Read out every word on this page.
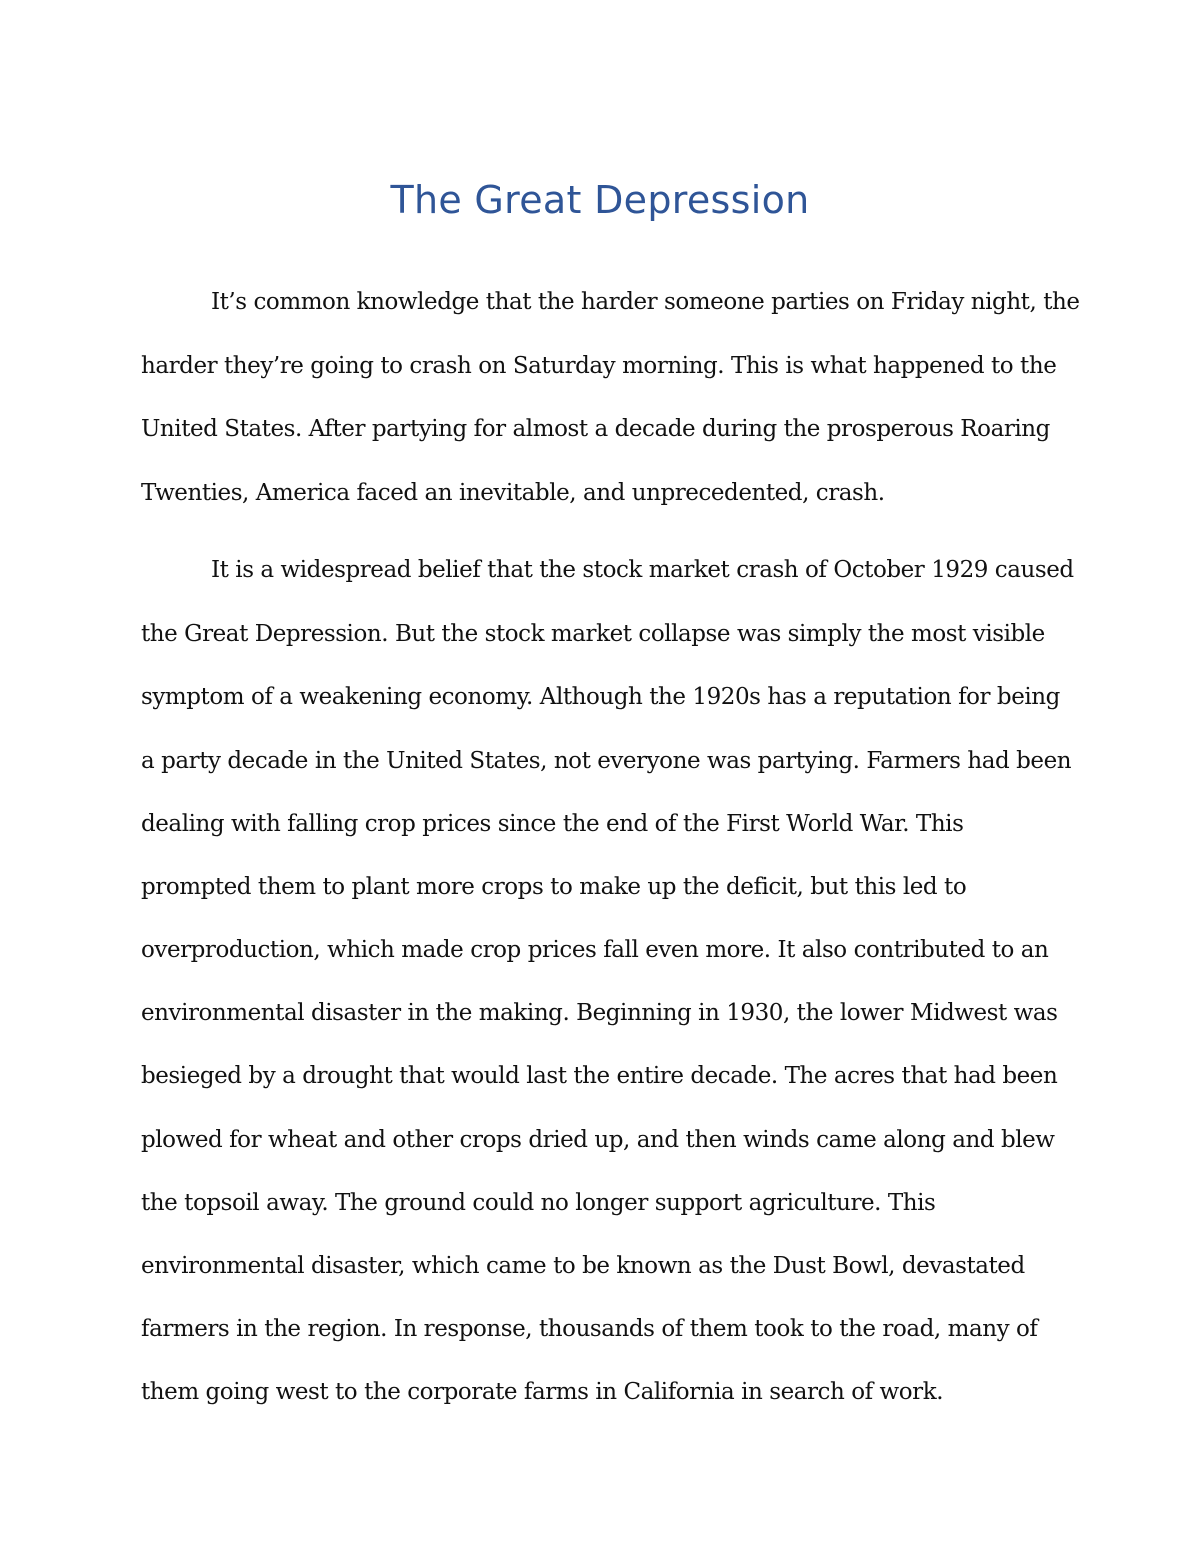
The Great Depression
It’s common knowledge that the harder someone parties on Friday night, the
harder they’re going to crash on Saturday morning. This is what happened to the
United States. After partying for almost a decade during the prosperous Roaring
Twenties, America faced an inevitable, and unprecedented, crash.
It is a widespread belief that the stock market crash of October 1929 caused
the Great Depression. But the stock market collapse was simply the most visible
symptom of a weakening economy. Although the 1920s has a reputation for being
a party decade in the United States, not everyone was partying. Farmers had been
dealing with falling crop prices since the end of the First World War. This
prompted them to plant more crops to make up the deficit, but this led to
overproduction, which made crop prices fall even more. It also contributed to an
environmental disaster in the making. Beginning in 1930, the lower Midwest was
besieged by a drought that would last the entire decade. The acres that had been
plowed for wheat and other crops dried up, and then winds came along and blew
the topsoil away. The ground could no longer support agriculture. This
environmental disaster, which came to be known as the Dust Bowl, devastated
farmers in the region. In response, thousands of them took to the road, many of
them going west to the corporate farms in California in search of work.
